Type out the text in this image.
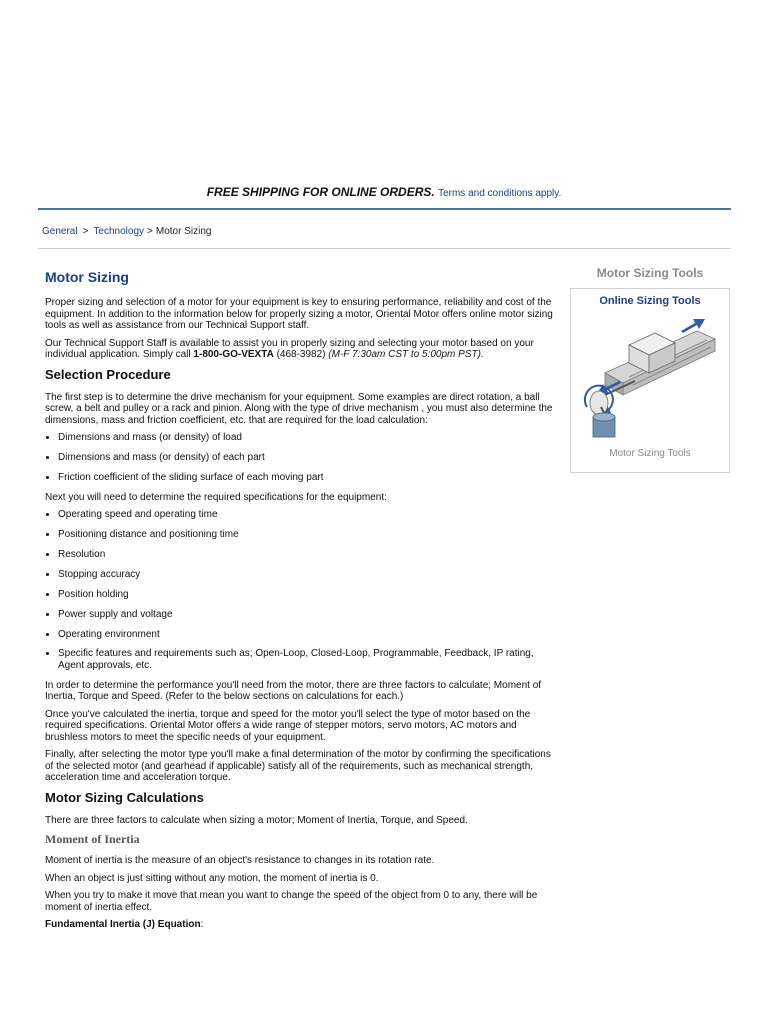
FREE SHIPPING FOR ONLINE ORDERS. Terms and conditions apply.
General > Technology > Motor Sizing
Motor Sizing

Proper sizing and selection of a motor for your equipment is key to ensuring performance, reliability and cost of the equipment. In addition to the information below for properly sizing a motor, Oriental Motor offers online motor sizing tools as well as assistance from our Technical Support staff.

Our Technical Support Staff is available to assist you in properly sizing and selecting your motor based on your individual application. Simply call 1-800-GO-VEXTA (468-3982) (M-F 7:30am CST to 5:00pm PST).

Selection Procedure

The first step is to determine the drive mechanism for your equipment. Some examples are direct rotation, a ball screw, a belt and pulley or a rack and pinion. Along with the type of drive mechanism , you must also determine the dimensions, mass and friction coefficient, etc. that are required for the load calculation:

• Dimensions and mass (or density) of load
• Dimensions and mass (or density) of each part
• Friction coefficient of the sliding surface of each moving part

Next you will need to determine the required specifications for the equipment:

• Operating speed and operating time
• Positioning distance and positioning time
• Resolution
• Stopping accuracy
• Position holding
• Power supply and voltage
• Operating environment
• Specific features and requirements such as; Open-Loop, Closed-Loop, Programmable, Feedback, IP rating, Agent approvals, etc.

In order to determine the performance you'll need from the motor, there are three factors to calculate; Moment of Inertia, Torque and Speed. (Refer to the below sections on calculations for each.)

Once you've calculated the inertia, torque and speed for the motor you'll select the type of motor based on the required specifications. Oriental Motor offers a wide range of stepper motors, servo motors, AC motors and brushless motors to meet the specific needs of your equipment.

Finally, after selecting the motor type you'll make a final determination of the motor by confirming the specifications of the selected motor (and gearhead if applicable) satisfy all of the requirements, such as mechanical strength, acceleration time and acceleration torque.

Motor Sizing Calculations

There are three factors to calculate when sizing a motor; Moment of Inertia, Torque, and Speed.

Moment of Inertia

Moment of inertia is the measure of an object's resistance to changes in its rotation rate.

When an object is just sitting without any motion, the moment of inertia is 0.

When you try to make it move that mean you want to change the speed of the object from 0 to any, there will be moment of inertia effect.

Fundamental Inertia (J) Equation:

Motor Sizing Tools
Online Sizing Tools
Motor Sizing Tools
